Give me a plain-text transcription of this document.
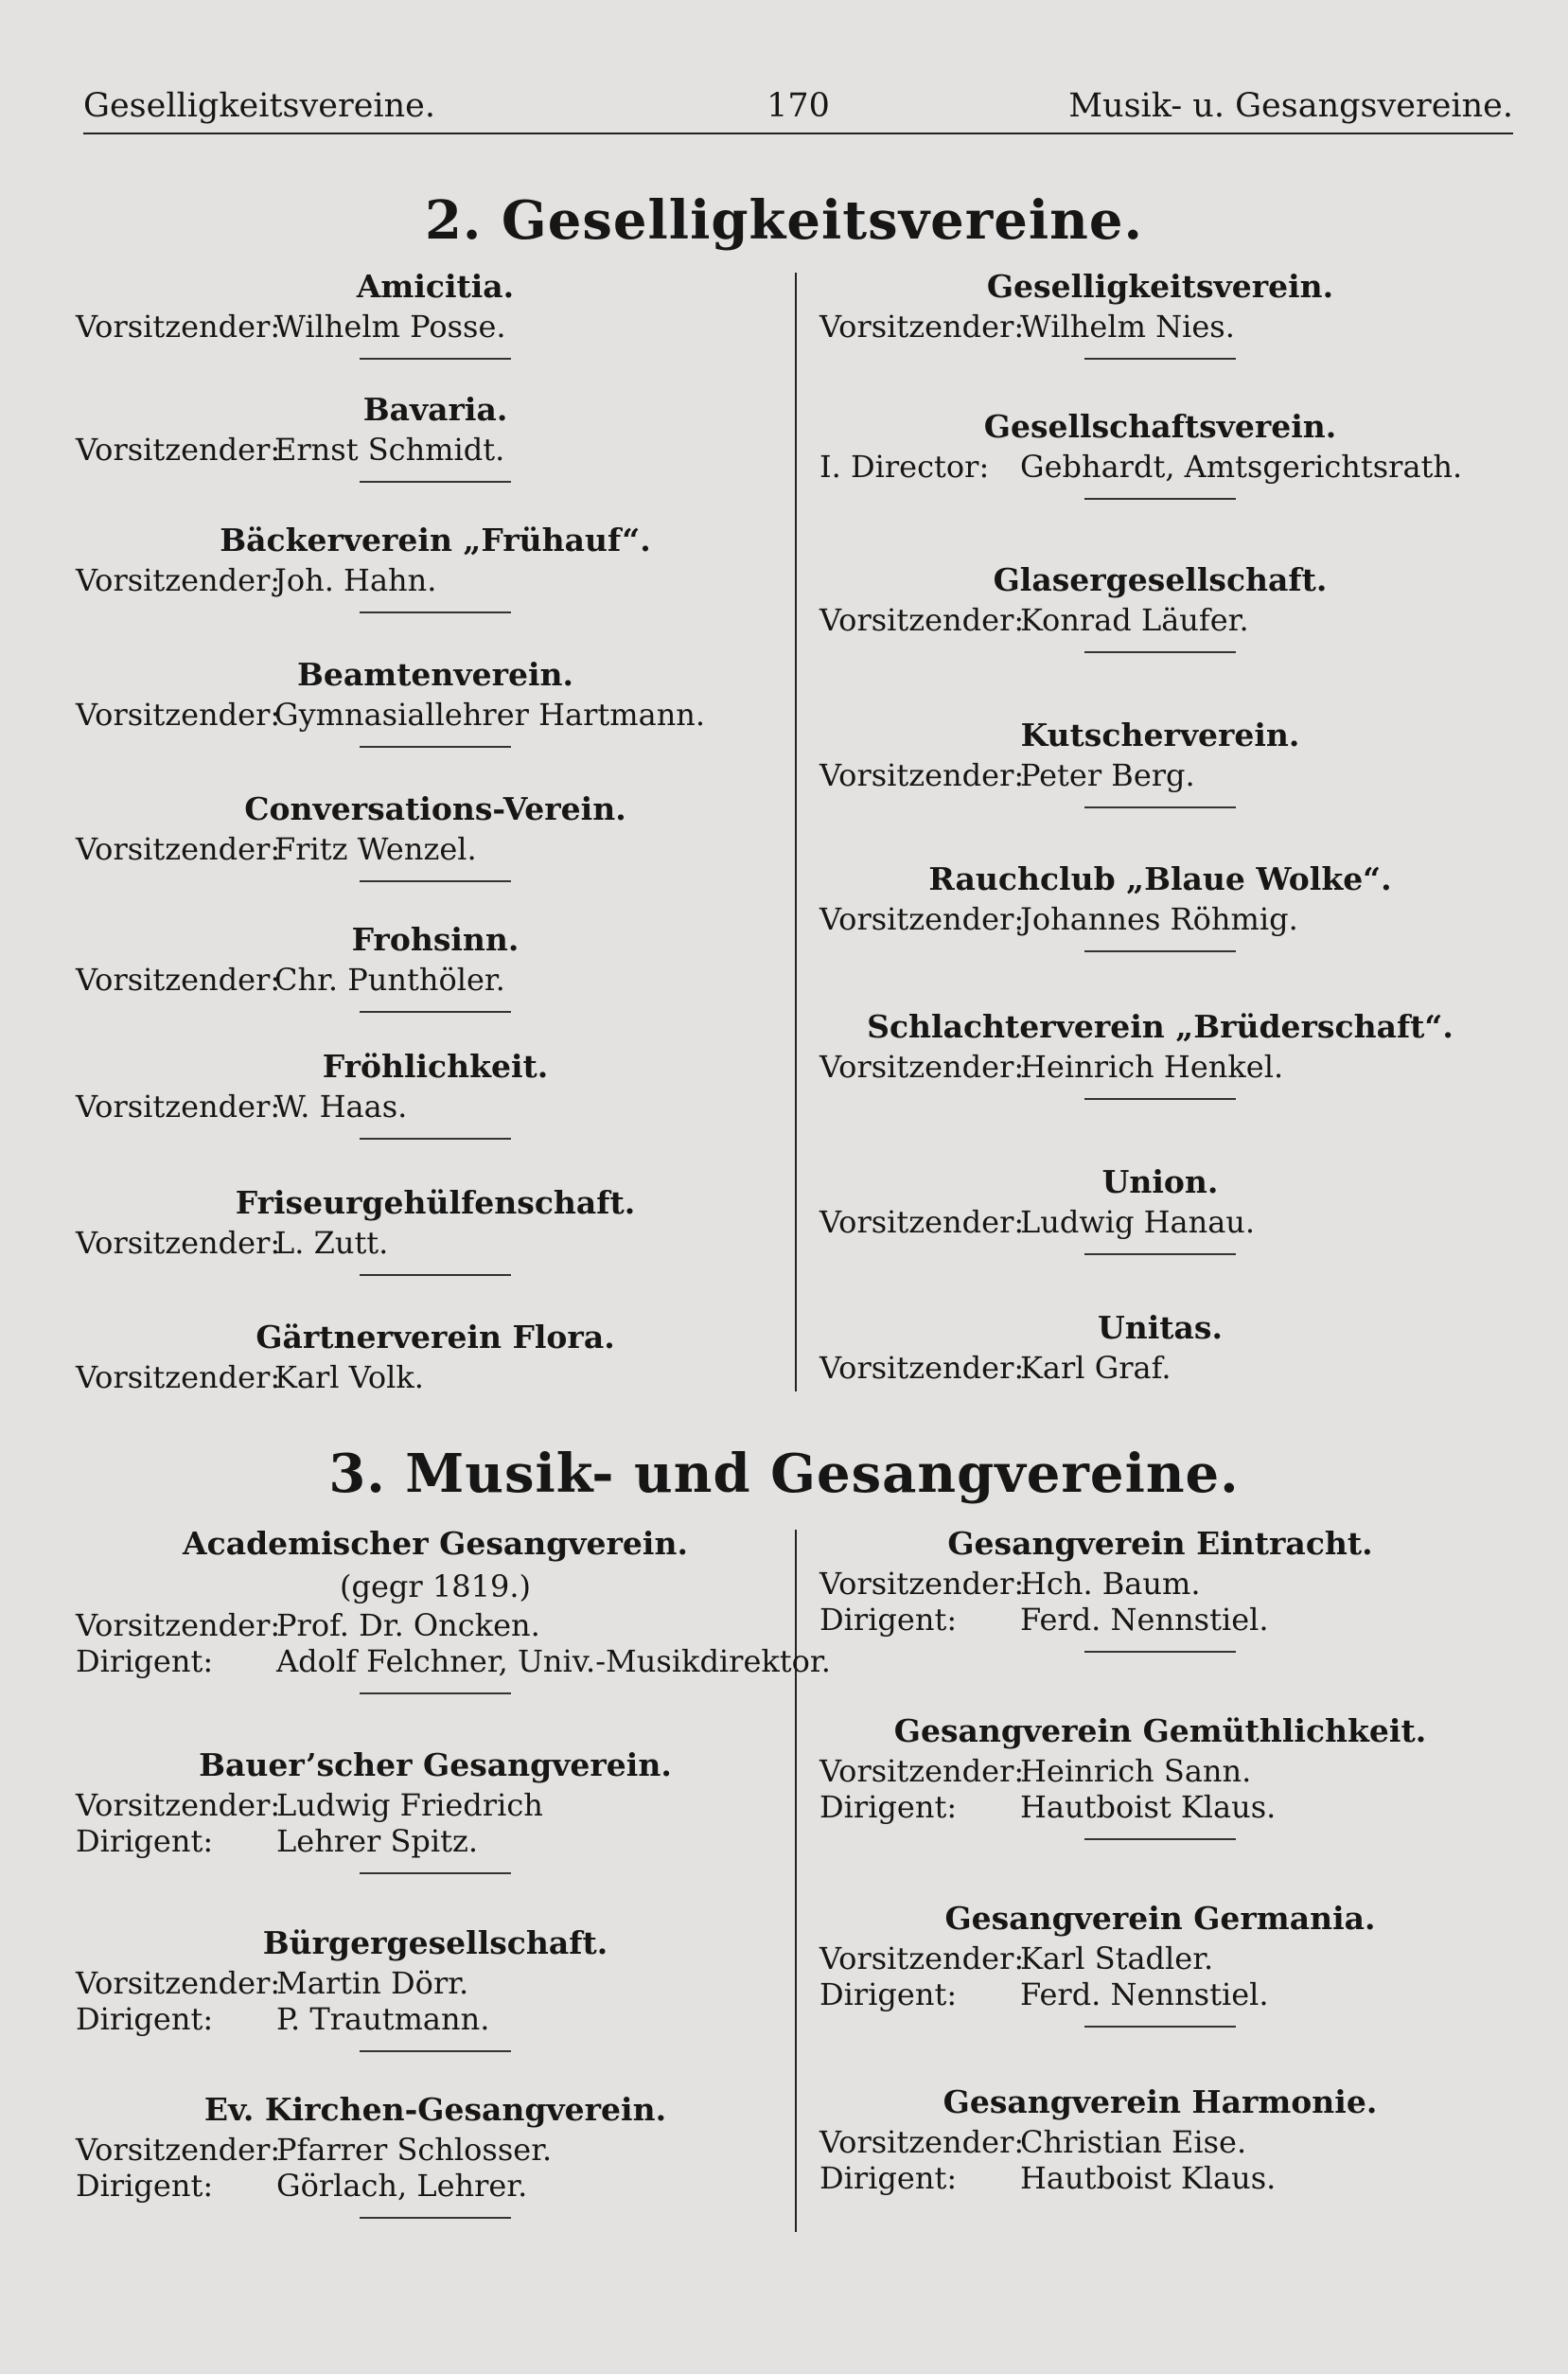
Geselligkeitsvereine.	170	Musik- u. Gesangsvereine.
2. Geselligkeitsvereine.
Amicitia.
Vorsitzender:Wilhelm Posse.
Bavaria.
Vorsitzender:Ernst Schmidt.
Bäckerverein „Frühauf“.
Vorsitzender:Joh. Hahn.
Beamtenverein.
Vorsitzender:Gymnasiallehrer Hartmann.
Conversations-Verein.
Vorsitzender:Fritz Wenzel.
Frohsinn.
Vorsitzender:Chr. Punthöler.
Fröhlichkeit.
Vorsitzender:W. Haas.
Friseurgehülfenschaft.
Vorsitzender:L. Zutt.
Gärtnerverein Flora.
Vorsitzender:Karl Volk.
Geselligkeitsverein.
Vorsitzender:Wilhelm Nies.
Gesellschaftsverein.
I. Director: Gebhardt, Amtsgerichtsrath.
Glasergesellschaft.
Vorsitzender:Konrad Läufer.
Kutscherverein.
Vorsitzender:Peter Berg.
Rauchclub „Blaue Wolke“.
Vorsitzender:Johannes Röhmig.
Schlachterverein „Brüderschaft“.
Vorsitzender:Heinrich Henkel.
Union.
Vorsitzender:Ludwig Hanau.
Unitas.
Vorsitzender:Karl Graf.
3. Musik- und Gesangvereine.
Academischer Gesangverein.
(gegr 1819.)
Vorsitzender:Prof. Dr. Oncken.
Dirigent: Adolf Felchner, Univ.-Musikdirektor.
Bauer’scher Gesangverein.
Vorsitzender:Ludwig Friedrich
Dirigent: Lehrer Spitz.
Bürgergesellschaft.
Vorsitzender:Martin Dörr.
Dirigent: P. Trautmann.
Ev. Kirchen-Gesangverein.
Vorsitzender:Pfarrer Schlosser.
Dirigent: Görlach, Lehrer.
Gesangverein Eintracht.
Vorsitzender:Hch. Baum.
Dirigent: Ferd. Nennstiel.
Gesangverein Gemüthlichkeit.
Vorsitzender:Heinrich Sann.
Dirigent: Hautboist Klaus.
Gesangverein Germania.
Vorsitzender:Karl Stadler.
Dirigent: Ferd. Nennstiel.
Gesangverein Harmonie.
Vorsitzender:Christian Eise.
Dirigent: Hautboist Klaus.
